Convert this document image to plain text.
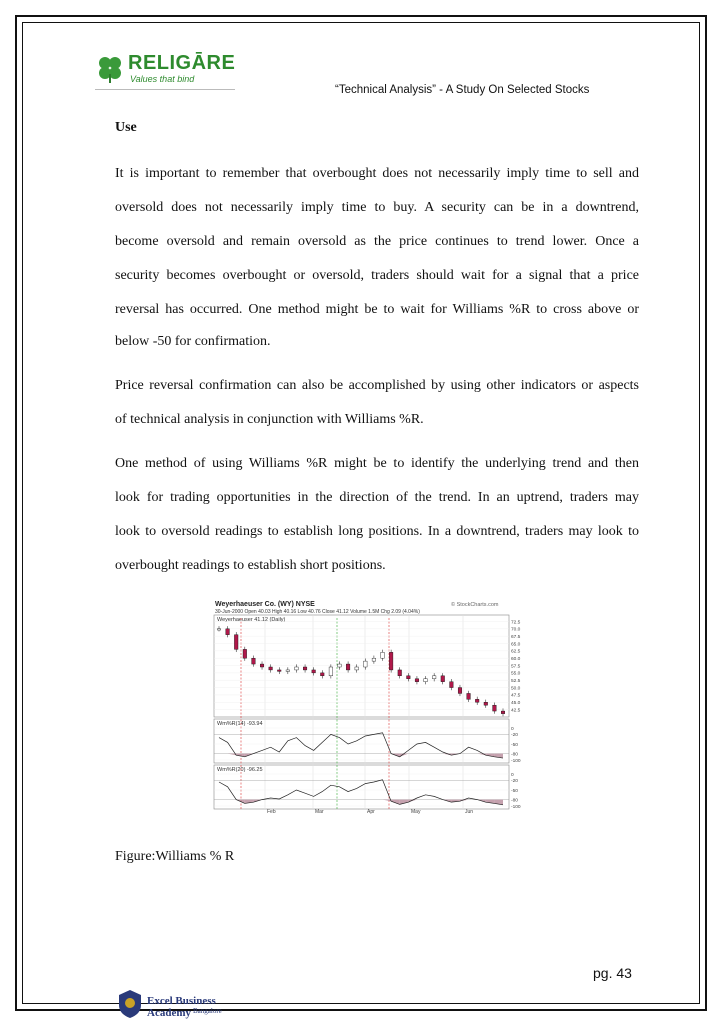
RELIGĀRE
Values that bind
“Technical Analysis” - A Study On Selected Stocks
Use
It is important to remember that overbought does not necessarily imply time to sell and
oversold does not necessarily imply time to buy. A security can be in a downtrend,
become oversold and remain oversold as the price continues to trend lower. Once a
security becomes overbought or oversold, traders should wait for a signal that a price
reversal has occurred. One method might be to wait for Williams %R to cross above or
below -50 for confirmation.
Price reversal confirmation can also be accomplished by using other indicators or aspects
of technical analysis in conjunction with Williams %R.
One method of using Williams %R might be to identify the underlying trend and then
look for trading opportunities in the direction of the trend. In an uptrend, traders may
look to oversold readings to establish long positions. In a downtrend, traders may look to
overbought readings to establish short positions.
Weyerhaeuser Co. (WY) NYSE	© StockCharts.com
30-Jun-2000 Open 40.03 High 40.16 Low 40.76 Close 41.12 Volume 1.5M Chg 2.09 (4.04%)
Weyerhaeuser 41.12 (Daily)
Wm%R(14) -93.94
Wm%R(20) -96.25
Feb	Mar	Apr	May	Jun
72.5
70.0
67.5
65.0
62.5
60.0
57.5
55.0
52.5
50.0
47.5
45.0
42.5
0
-20
-50
-80
-100
0
-20
-50
-80
-100
Figure:Williams % R
pg. 43
Excel Business Academy Bangalore
